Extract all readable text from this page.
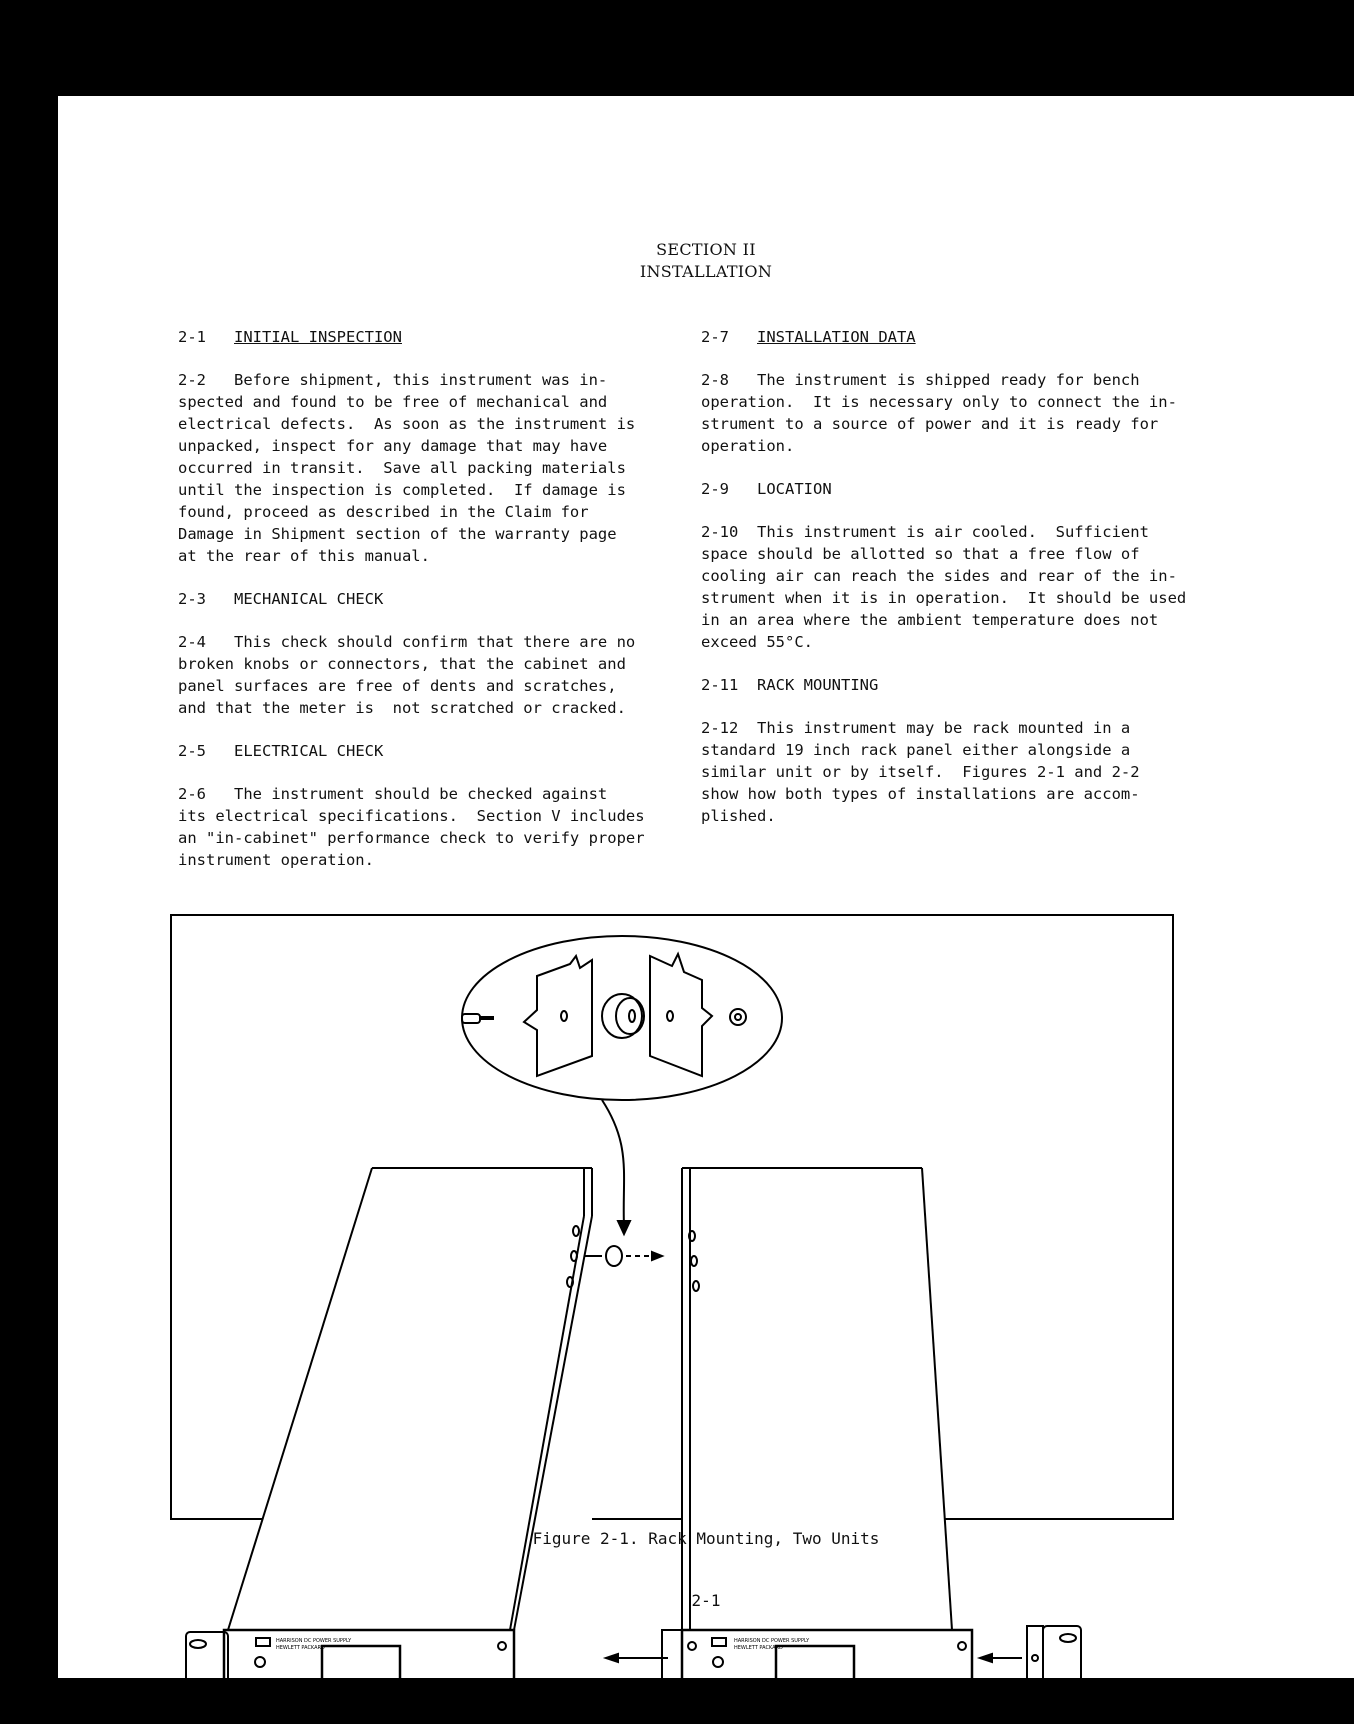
SECTION II
INSTALLATION
2-1 INITIAL INSPECTION
2-2   Before shipment, this instrument was in-
spected and found to be free of mechanical and
electrical defects.  As soon as the instrument is
unpacked, inspect for any damage that may have
occurred in transit.  Save all packing materials
until the inspection is completed.  If damage is
found, proceed as described in the Claim for
Damage in Shipment section of the warranty page
at the rear of this manual.
2-3 MECHANICAL CHECK
2-4   This check should confirm that there are no
broken knobs or connectors, that the cabinet and
panel surfaces are free of dents and scratches,
and that the meter is  not scratched or cracked.
2-5 ELECTRICAL CHECK
2-6   The instrument should be checked against
its electrical specifications.  Section V includes
an "in-cabinet" performance check to verify proper
instrument operation.
2-7 INSTALLATION DATA
2-8   The instrument is shipped ready for bench
operation.  It is necessary only to connect the in-
strument to a source of power and it is ready for
operation.
2-9 LOCATION
2-10  This instrument is air cooled.  Sufficient
space should be allotted so that a free flow of
cooling air can reach the sides and rear of the in-
strument when it is in operation.  It should be used
in an area where the ambient temperature does not
exceed 55°C.
2-11 RACK MOUNTING
2-12  This instrument may be rack mounted in a
standard 19 inch rack panel either alongside a
similar unit or by itself.  Figures 2-1 and 2-2
show how both types of installations are accom-
plished.
HARRISON DC POWER SUPPLY
HEWLETT PACKARD
METER CURRENT
VOLTS AMPS
OFF
VOLTAGE
COARSE FINE
+	GND	—
HARRISON DC POWER SUPPLY
HEWLETT PACKARD
METER CURRENT
VOLTS AMPS
OFF
VOLTAGE
COARSE FINE
+	GND	—
Figure 2-1. Rack Mounting, Two Units
2-1
